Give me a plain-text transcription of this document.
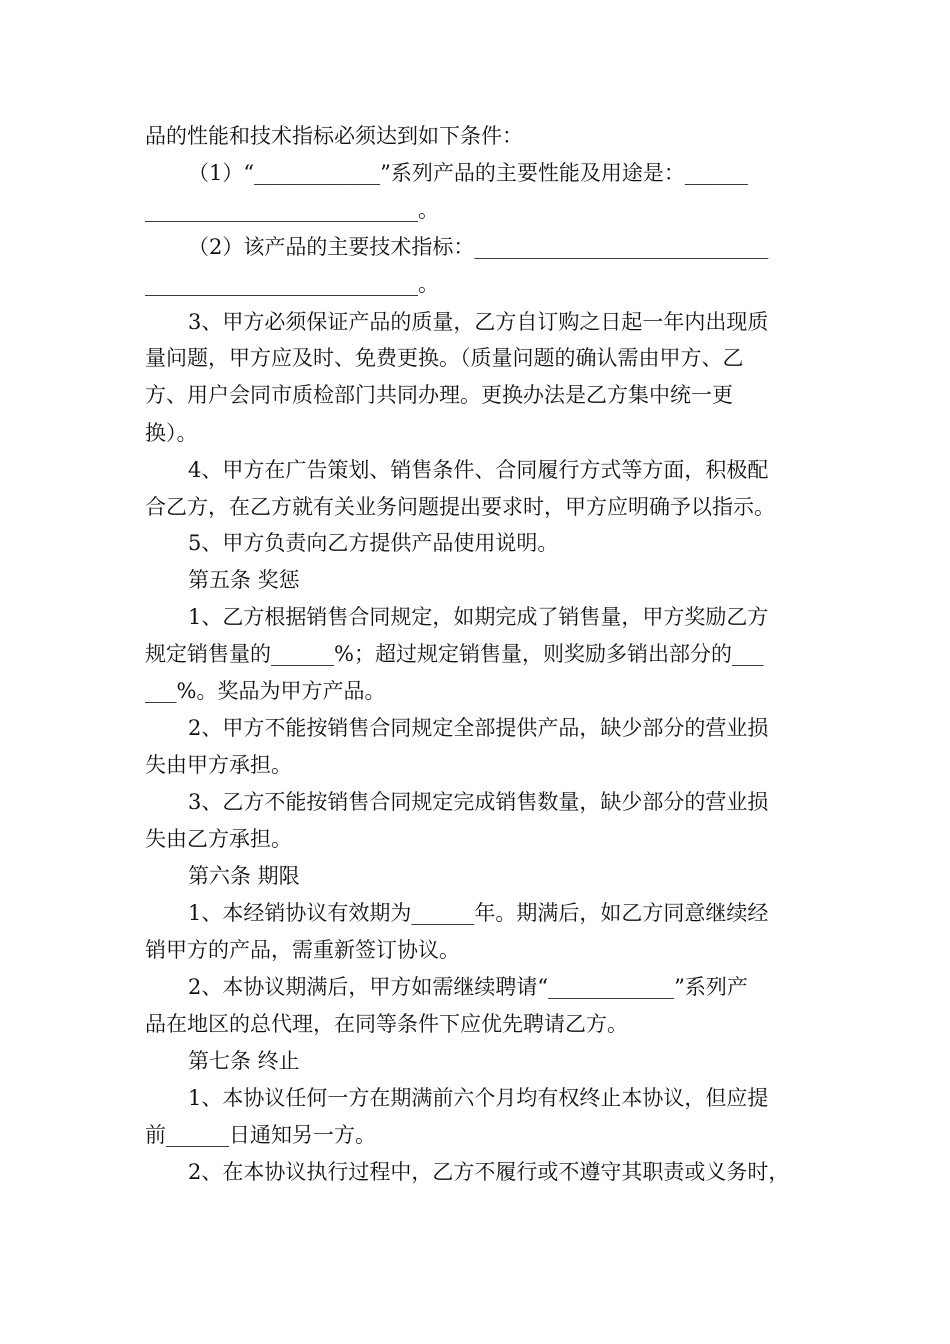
品的性能和技术指标必须达到如下条件：
（1）“____________”系列产品的主要性能及用途是：______
__________________________。
（2）该产品的主要技术指标：____________________________
__________________________。
3、甲方必须保证产品的质量，乙方自订购之日起一年内出现质
量问题，甲方应及时、免费更换。（质量问题的确认需由甲方、乙
方、用户会同市质检部门共同办理。更换办法是乙方集中统一更
换）。
4、甲方在广告策划、销售条件、合同履行方式等方面，积极配
合乙方，在乙方就有关业务问题提出要求时，甲方应明确予以指示。
5、甲方负责向乙方提供产品使用说明。
第五条 奖惩
1、乙方根据销售合同规定，如期完成了销售量，甲方奖励乙方
规定销售量的______%；超过规定销售量，则奖励多销出部分的___
___%。奖品为甲方产品。
2、甲方不能按销售合同规定全部提供产品，缺少部分的营业损
失由甲方承担。
3、乙方不能按销售合同规定完成销售数量，缺少部分的营业损
失由乙方承担。
第六条 期限
1、本经销协议有效期为______年。期满后，如乙方同意继续经
销甲方的产品，需重新签订协议。
2、本协议期满后，甲方如需继续聘请“____________”系列产
品在地区的总代理，在同等条件下应优先聘请乙方。
第七条 终止
1、本协议任何一方在期满前六个月均有权终止本协议，但应提
前______日通知另一方。
2、在本协议执行过程中，乙方不履行或不遵守其职责或义务时，
